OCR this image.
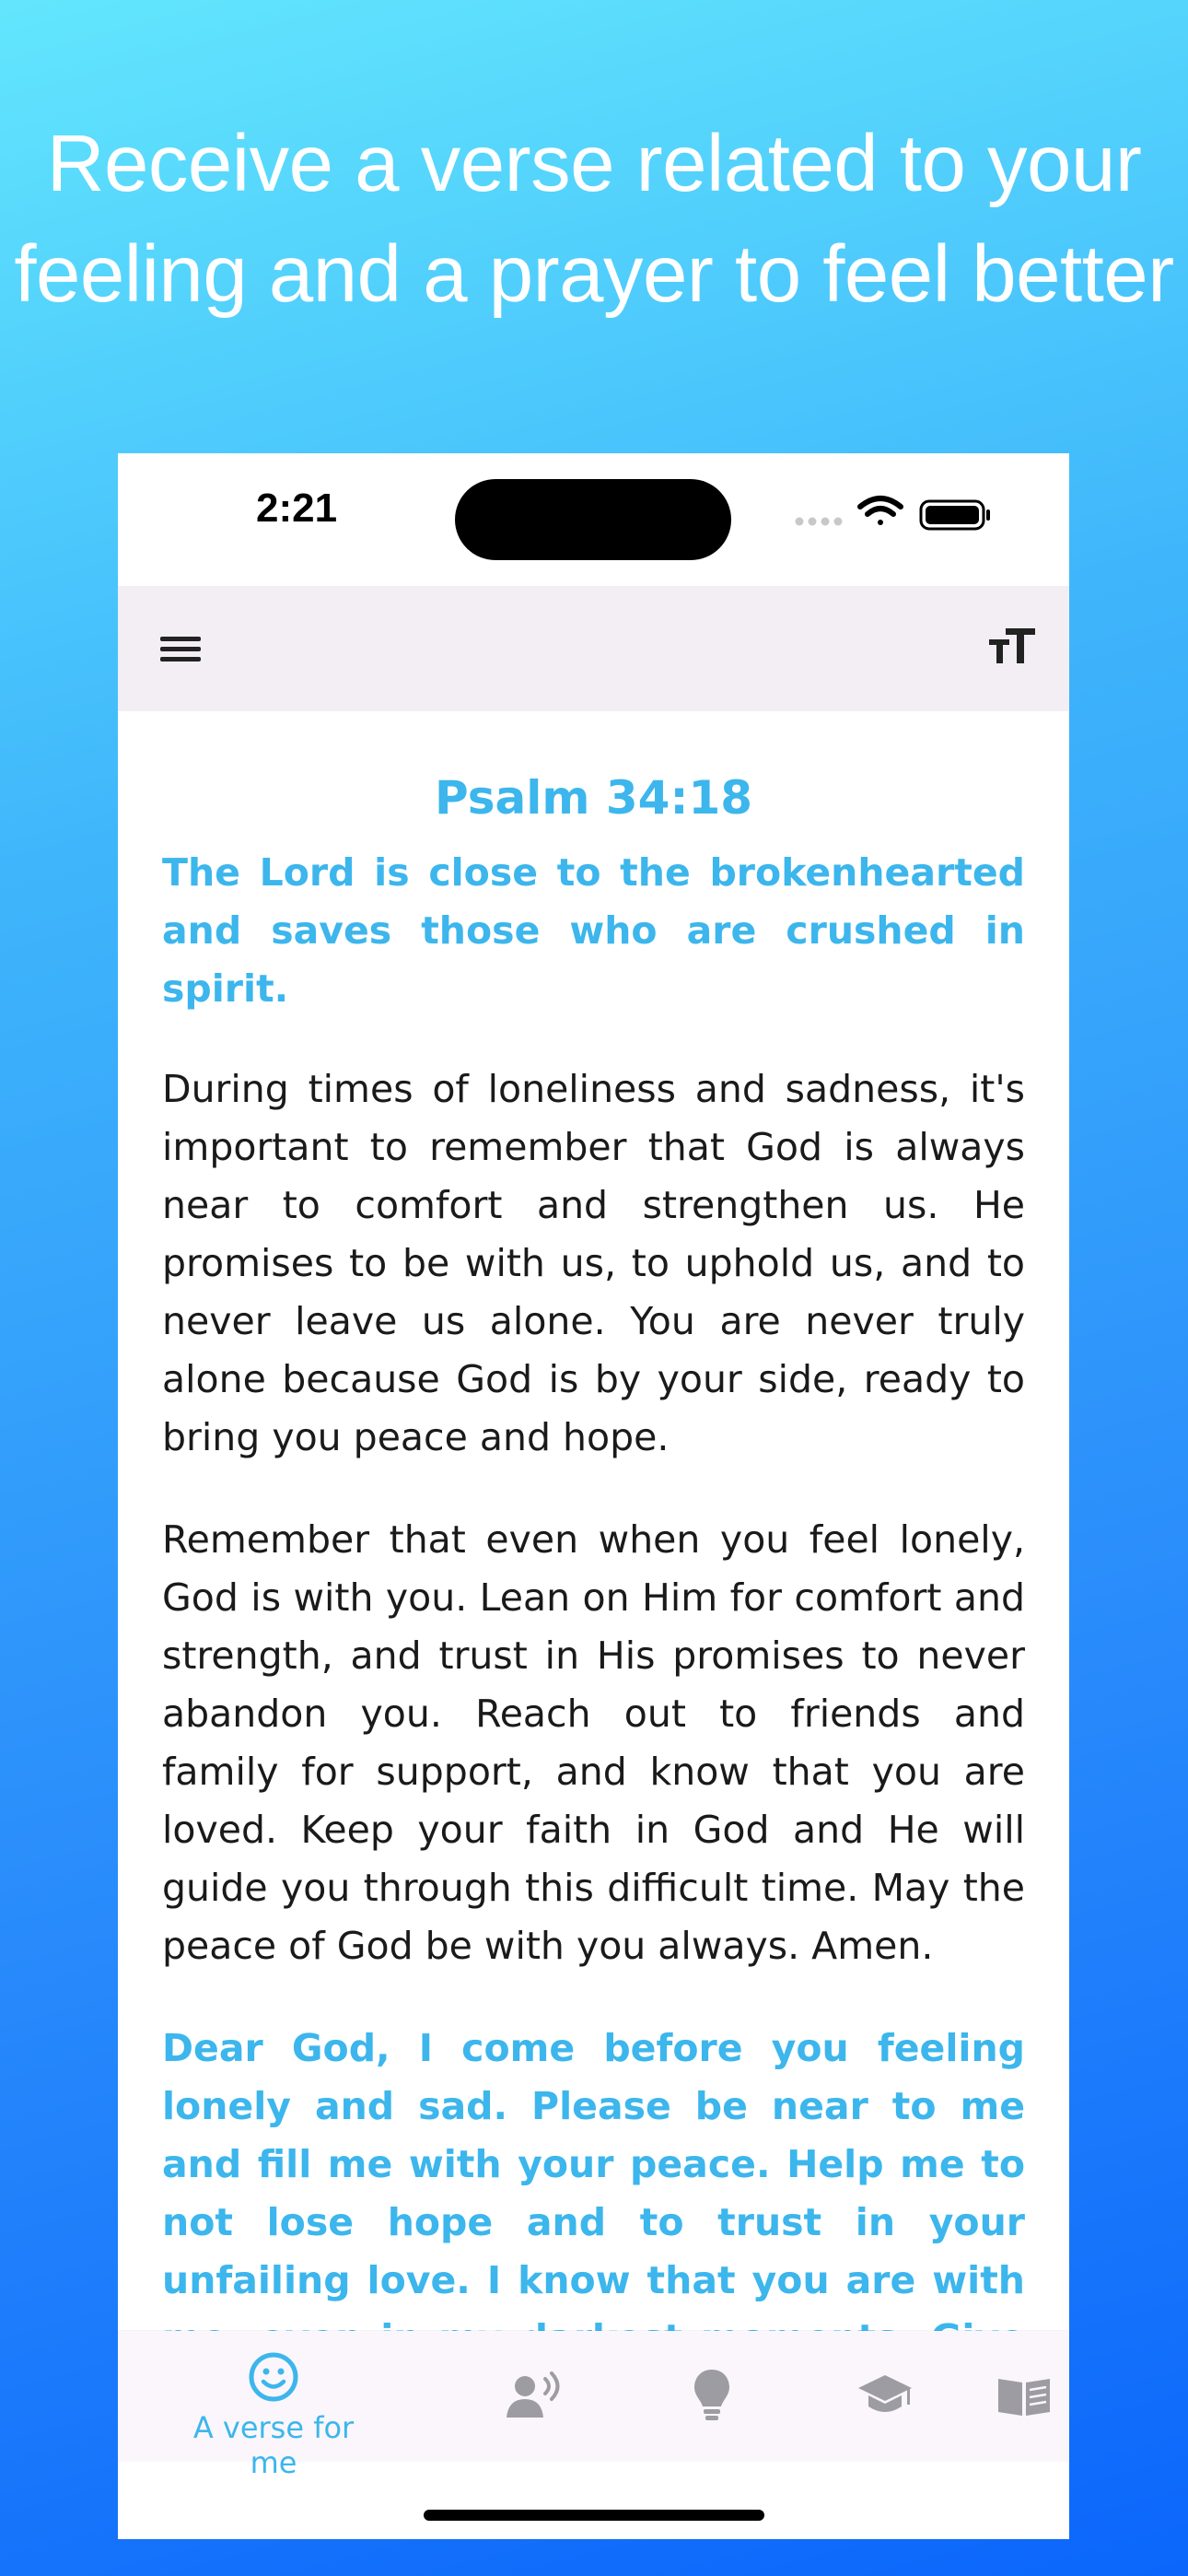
Receive a verse related to your feeling and a prayer to feel better
2:21
Psalm 34:18
The Lord is close to the brokenhearted and saves those who are crushed in spirit.
During times of loneliness and sadness, it's important to remember that God is always near to comfort and strengthen us. He promises to be with us, to uphold us, and to never leave us alone. You are never truly alone because God is by your side, ready to bring you peace and hope.
Remember that even when you feel lonely, God is with you. Lean on Him for comfort and strength, and trust in His promises to never abandon you. Reach out to friends and family for support, and know that you are loved. Keep your faith in God and He will guide you through this difficult time. May the peace of God be with you always. Amen.
Dear God, I come before you feeling lonely and sad. Please be near to me and fill me with your peace. Help me to not lose hope and to trust in your unfailing love. I know that you are with
A verse for me
